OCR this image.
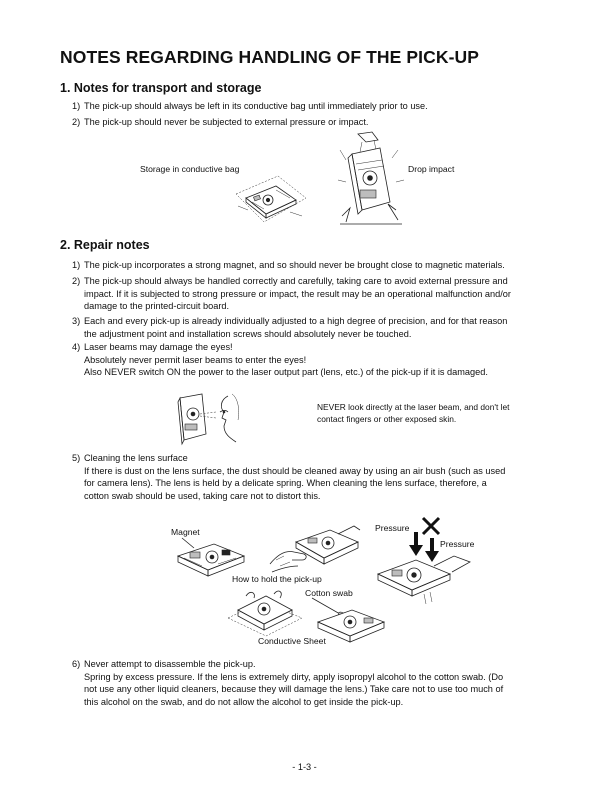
NOTES REGARDING HANDLING OF THE PICK-UP
1. Notes for transport and storage
1) The pick-up should always be left in its conductive bag until immediately prior to use.
2) The pick-up should never be subjected to external pressure or impact.
Storage in conductive bag	Drop impact
2. Repair notes
1) The pick-up incorporates a strong magnet, and so should never be brought close to magnetic materials.
2) The pick-up should always be handled correctly and carefully, taking care to avoid external pressure and
impact. If it is subjected to strong pressure or impact, the result may be an operational malfunction and/or
damage to the printed-circuit board.
3) Each and every pick-up is already individually adjusted to a high degree of precision, and for that reason
the adjustment point and installation screws should absolutely never be touched.
4) Laser beams may damage the eyes!
Absolutely never permit laser beams to enter the eyes!
Also NEVER switch ON the power to the laser output part (lens, etc.) of the pick-up if it is damaged.
NEVER look directly at the laser beam, and don't let
contact fingers or other exposed skin.
5) Cleaning the lens surface
If there is dust on the lens surface, the dust should be cleaned away by using an air bush (such as used
for camera lens). The lens is held by a delicate spring. When cleaning the lens surface, therefore, a
cotton swab should be used, taking care not to distort this.
Magnet	Pressure
Pressure
How to hold the pick-up
Cotton swab
Conductive Sheet
6) Never attempt to disassemble the pick-up.
Spring by excess pressure. If the lens is extremely dirty, apply isopropyl alcohol to the cotton swab. (Do
not use any other liquid cleaners, because they will damage the lens.) Take care not to use too much of
this alcohol on the swab, and do not allow the alcohol to get inside the pick-up.
- 1-3 -
